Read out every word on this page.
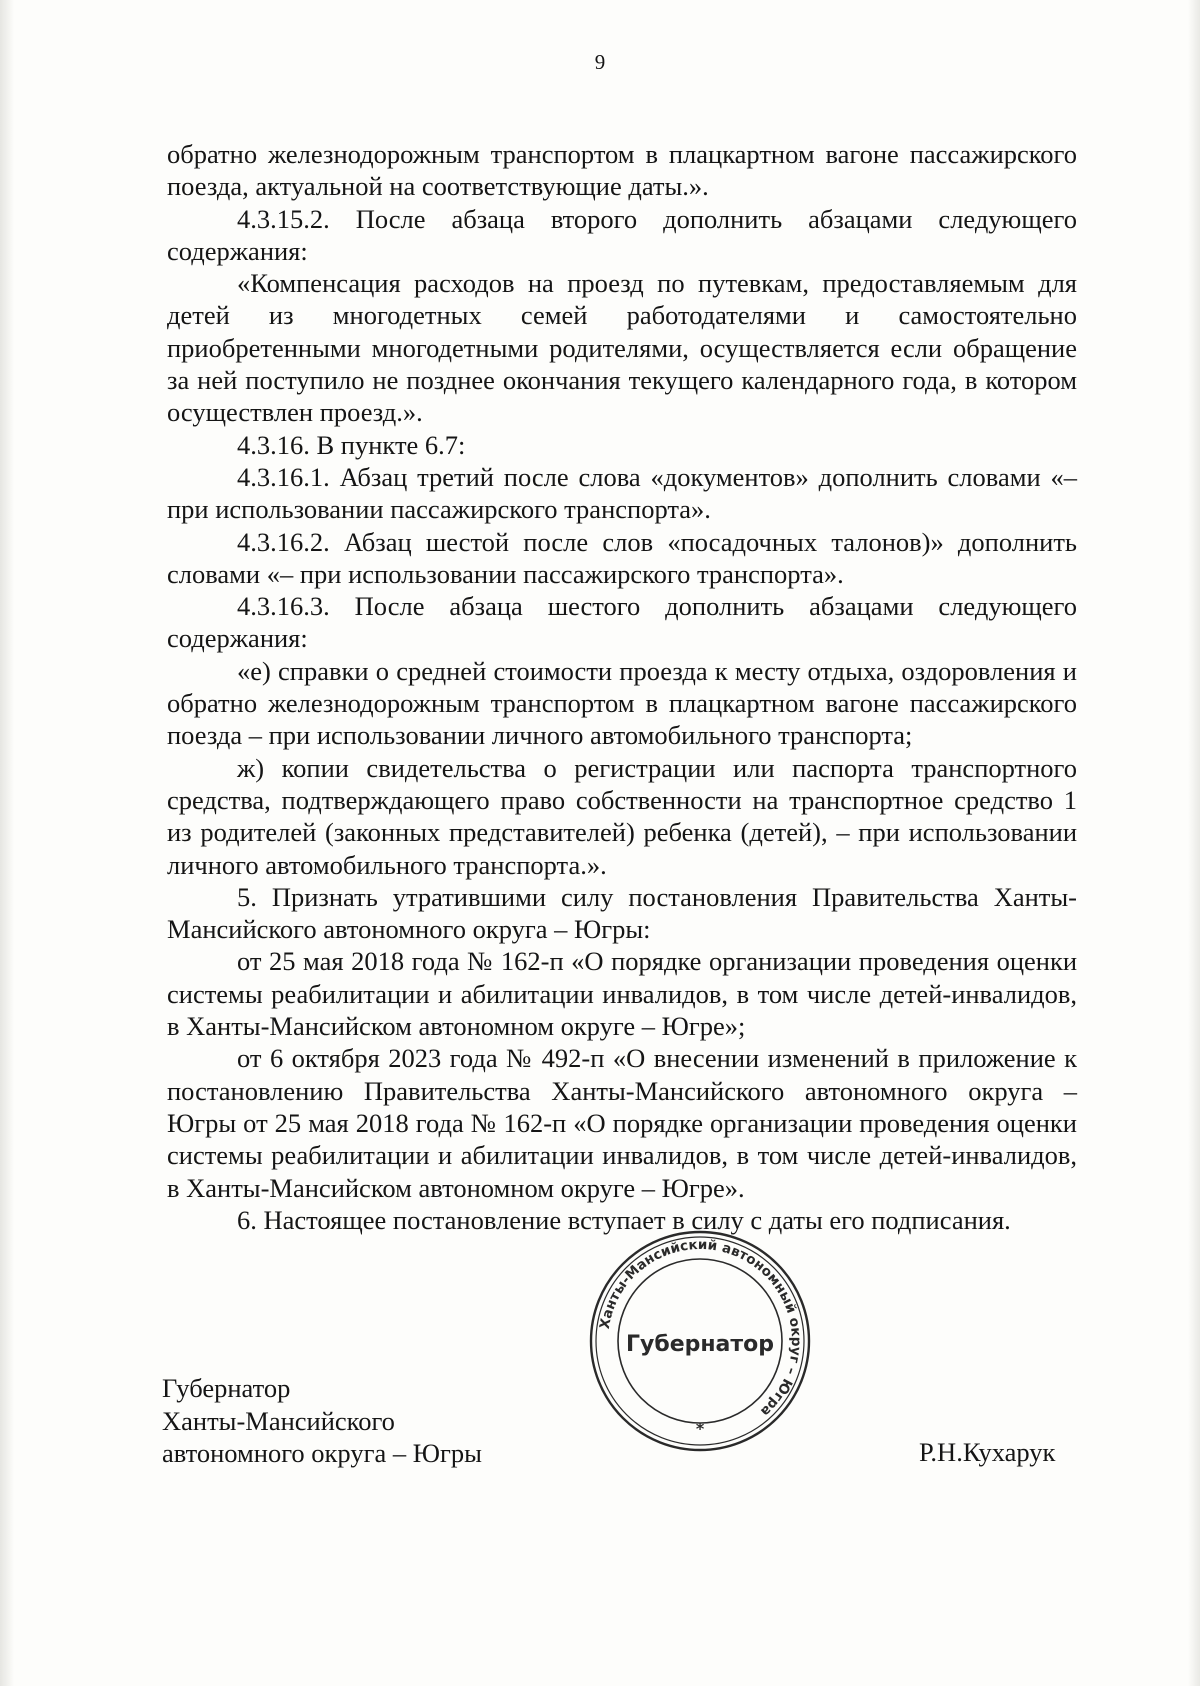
9

обратно железнодорожным транспортом в плацкартном вагоне пассажирского поезда, актуальной на соответствующие даты.».

4.3.15.2. После абзаца второго дополнить абзацами следующего содержания:

«Компенсация расходов на проезд по путевкам, предоставляемым для детей из многодетных семей работодателями и самостоятельно приобретенными многодетными родителями, осуществляется если обращение за ней поступило не позднее окончания текущего календарного года, в котором осуществлен проезд.».

4.3.16. В пункте 6.7:

4.3.16.1. Абзац третий после слова «документов» дополнить словами «– при использовании пассажирского транспорта».

4.3.16.2. Абзац шестой после слов «посадочных талонов)» дополнить словами «– при использовании пассажирского транспорта».

4.3.16.3. После абзаца шестого дополнить абзацами следующего содержания:

«е) справки о средней стоимости проезда к месту отдыха, оздоровления и обратно железнодорожным транспортом в плацкартном вагоне пассажирского поезда – при использовании личного автомобильного транспорта;

ж) копии свидетельства о регистрации или паспорта транспортного средства, подтверждающего право собственности на транспортное средство 1 из родителей (законных представителей) ребенка (детей), – при использовании личного автомобильного транспорта.».

5. Признать утратившими силу постановления Правительства Ханты-Мансийского автономного округа – Югры:

от 25 мая 2018 года № 162-п «О порядке организации проведения оценки системы реабилитации и абилитации инвалидов, в том числе детей-инвалидов, в Ханты-Мансийском автономном округе – Югре»;

от 6 октября 2023 года № 492-п «О внесении изменений в приложение к постановлению Правительства Ханты-Мансийского автономного округа – Югры от 25 мая 2018 года № 162-п «О порядке организации проведения оценки системы реабилитации и абилитации инвалидов, в том числе детей-инвалидов, в Ханты-Мансийском автономном округе – Югре».

6. Настоящее постановление вступает в силу с даты его подписания.

Губернатор
Ханты-Мансийского
автономного округа – Югры	Р.Н.Кухарук
Ханты-Мансийский автономный округ – Югра
Губернатор
*
